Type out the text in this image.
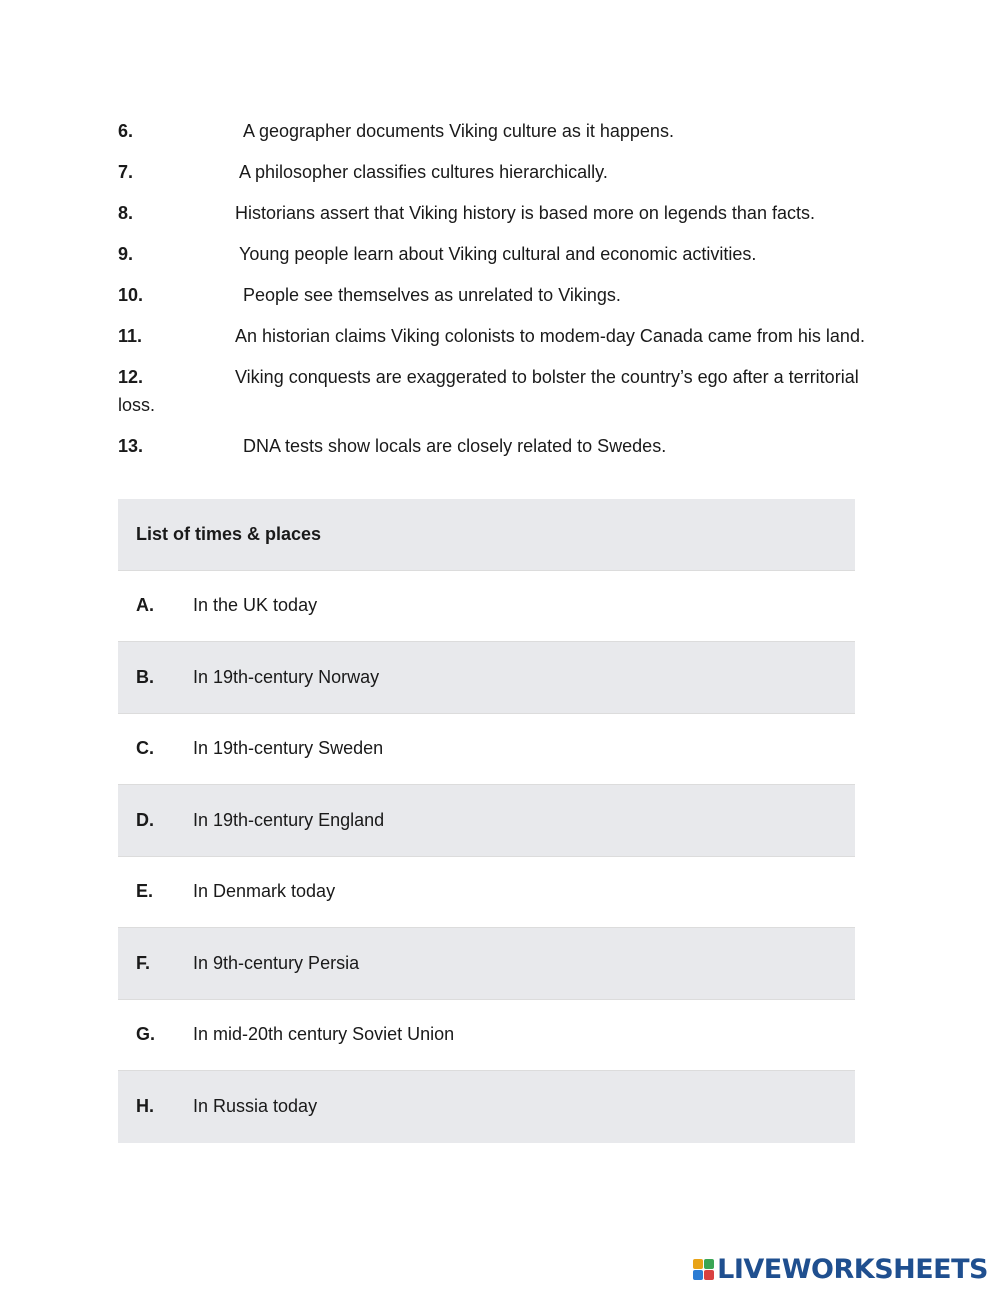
6.	A geographer documents Viking culture as it happens.
7.	A philosopher classifies cultures hierarchically.
8.	Historians assert that Viking history is based more on legends than facts.
9.	Young people learn about Viking cultural and economic activities.
10.	People see themselves as unrelated to Vikings.
11.	An historian claims Viking colonists to modem-day Canada came from his land.
12.	Viking conquests are exaggerated to bolster the country’s ego after a territorial loss.
13.	DNA tests show locals are closely related to Swedes.
List of times & places
A.	In the UK today
B.	In 19th-century Norway
C.	In 19th-century Sweden
D.	In 19th-century England
E.	In Denmark today
F.	In 9th-century Persia
G.	In mid-20th century Soviet Union
H.	In Russia today
LIVEWORKSHEETS
